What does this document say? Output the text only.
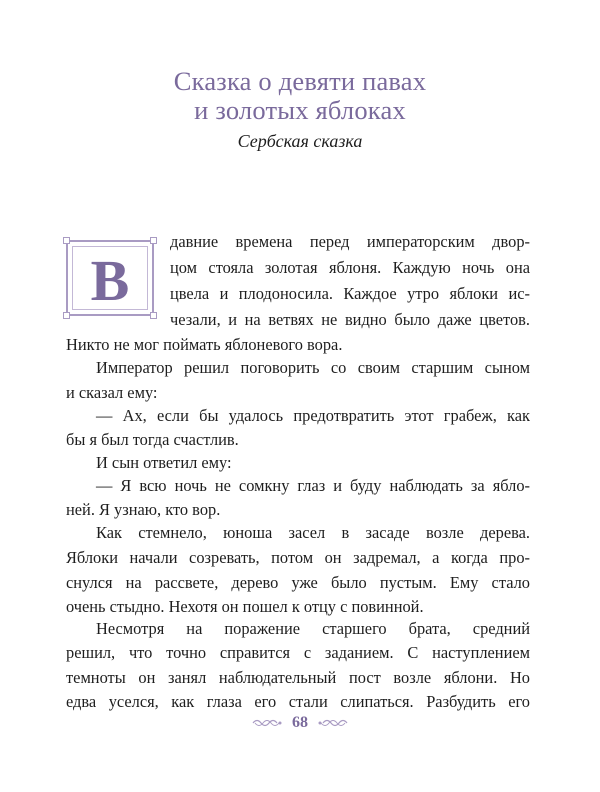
Сказка о девяти павах
и золотых яблоках
Сербская сказка
В
давние времена перед императорским двор-
цом стояла золотая яблоня. Каждую ночь она
цвела и плодоносила. Каждое утро яблоки ис-
чезали, и на ветвях не видно было даже цветов.
Никто не мог поймать яблоневого вора.
Император решил поговорить со своим старшим сыном
и сказал ему:
— Ах, если бы удалось предотвратить этот грабеж, как
бы я был тогда счастлив.
И сын ответил ему:
— Я всю ночь не сомкну глаз и буду наблюдать за ябло-
ней. Я узнаю, кто вор.
Как стемнело, юноша засел в засаде возле дерева.
Яблоки начали созревать, потом он задремал, а когда про-
снулся на рассвете, дерево уже было пустым. Ему стало
очень стыдно. Нехотя он пошел к отцу с повинной.
Несмотря на поражение старшего брата, средний
решил, что точно справится с заданием. С наступлением
темноты он занял наблюдательный пост возле яблони. Но
едва уселся, как глаза его стали слипаться. Разбудить его
68
